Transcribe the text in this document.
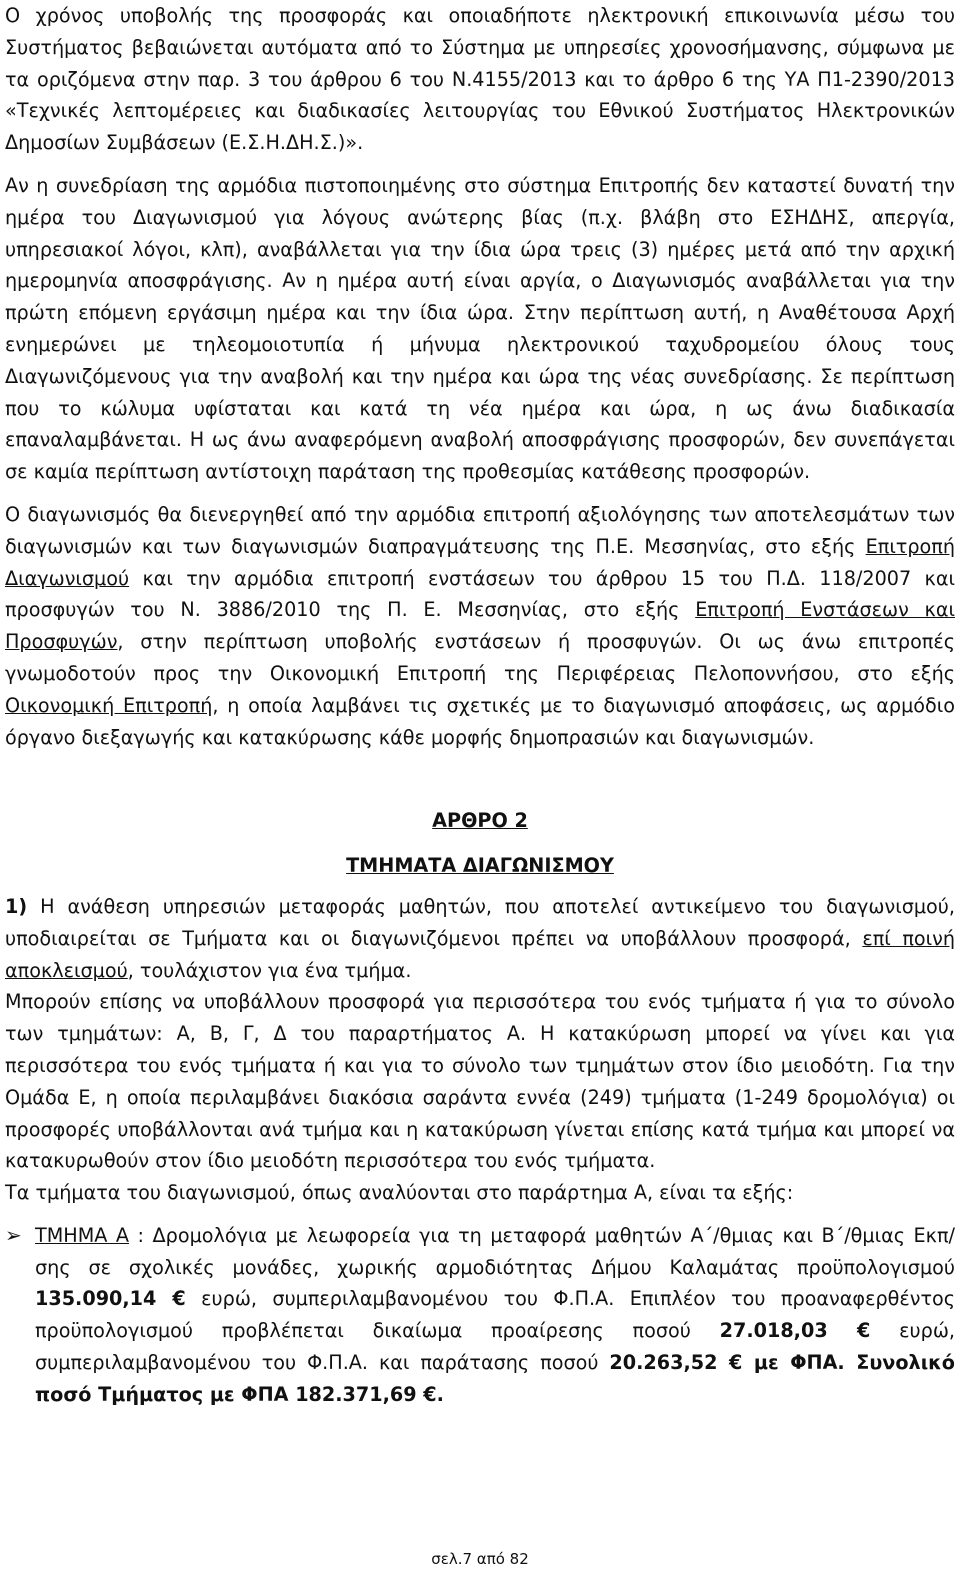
Ο χρόνος υποβολής της προσφοράς και οποιαδήποτε ηλεκτρονική επικοινωνία μέσω του Συστήματος βεβαιώνεται αυτόματα από το Σύστημα με υπηρεσίες χρονοσήμανσης, σύμφωνα με τα οριζόμενα στην παρ. 3 του άρθρου 6 του Ν.4155/2013 και το άρθρο 6 της ΥΑ Π1-2390/2013 «Τεχνικές λεπτομέρειες και διαδικασίες λειτουργίας του Εθνικού Συστήματος Ηλεκτρονικών Δημοσίων Συμβάσεων (Ε.Σ.Η.ΔΗ.Σ.)».

Αν η συνεδρίαση της αρμόδια πιστοποιημένης στο σύστημα Επιτροπής δεν καταστεί δυνατή την ημέρα του Διαγωνισμού για λόγους ανώτερης βίας (π.χ. βλάβη στο ΕΣΗΔΗΣ, απεργία, υπηρεσιακοί λόγοι, κλπ), αναβάλλεται για την ίδια ώρα τρεις (3) ημέρες μετά από την αρχική ημερομηνία αποσφράγισης. Αν η ημέρα αυτή είναι αργία, ο Διαγωνισμός αναβάλλεται για την πρώτη επόμενη εργάσιμη ημέρα και την ίδια ώρα. Στην περίπτωση αυτή, η Αναθέτουσα Αρχή ενημερώνει με τηλεομοιοτυπία ή μήνυμα ηλεκτρονικού ταχυδρομείου όλους τους Διαγωνιζόμενους για την αναβολή και την ημέρα και ώρα της νέας συνεδρίασης. Σε περίπτωση που το κώλυμα υφίσταται και κατά τη νέα ημέρα και ώρα, η ως άνω διαδικασία επαναλαμβάνεται. Η ως άνω αναφερόμενη αναβολή αποσφράγισης προσφορών, δεν συνεπάγεται σε καμία περίπτωση αντίστοιχη παράταση της προθεσμίας κατάθεσης προσφορών.

Ο διαγωνισμός θα διενεργηθεί από την αρμόδια επιτροπή αξιολόγησης των αποτελεσμάτων των διαγωνισμών και των διαγωνισμών διαπραγμάτευσης της Π.Ε. Μεσσηνίας, στο εξής Επιτροπή Διαγωνισμού και την αρμόδια επιτροπή ενστάσεων του άρθρου 15 του Π.Δ. 118/2007 και προσφυγών του Ν. 3886/2010 της Π. Ε. Μεσσηνίας, στο εξής Επιτροπή Ενστάσεων και Προσφυγών, στην περίπτωση υποβολής ενστάσεων ή προσφυγών. Οι ως άνω επιτροπές γνωμοδοτούν προς την Οικονομική Επιτροπή της Περιφέρειας Πελοποννήσου, στο εξής Οικονομική Επιτροπή, η οποία λαμβάνει τις σχετικές με το διαγωνισμό αποφάσεις, ως αρμόδιο όργανο διεξαγωγής και κατακύρωσης κάθε μορφής δημοπρασιών και διαγωνισμών.

ΑΡΘΡΟ 2

ΤΜΗΜΑΤΑ ΔΙΑΓΩΝΙΣΜΟΥ

1) Η ανάθεση υπηρεσιών μεταφοράς μαθητών, που αποτελεί αντικείμενο του διαγωνισμού, υποδιαιρείται σε Τμήματα και οι διαγωνιζόμενοι πρέπει να υποβάλλουν προσφορά, επί ποινή αποκλεισμού, τουλάχιστον για ένα τμήμα.

Μπορούν επίσης να υποβάλλουν προσφορά για περισσότερα του ενός τμήματα ή για το σύνολο των τμημάτων: Α, Β, Γ, Δ του παραρτήματος Α. Η κατακύρωση μπορεί να γίνει και για περισσότερα του ενός τμήματα ή και για το σύνολο των τμημάτων στον ίδιο μειοδότη. Για την Ομάδα Ε, η οποία περιλαμβάνει διακόσια σαράντα εννέα (249) τμήματα (1-249 δρομολόγια) οι προσφορές υποβάλλονται ανά τμήμα και η κατακύρωση γίνεται επίσης κατά τμήμα και μπορεί να κατακυρωθούν στον ίδιο μειοδότη περισσότερα του ενός τμήματα.

Τα τμήματα του διαγωνισμού, όπως αναλύονται στο παράρτημα Α, είναι τα εξής:

➢ ΤΜΗΜΑ Α : Δρομολόγια με λεωφορεία για τη μεταφορά μαθητών Α΄/θμιας και Β΄/θμιας Εκπ/σης σε σχολικές μονάδες, χωρικής αρμοδιότητας Δήμου Καλαμάτας προϋπολογισμού 135.090,14 € ευρώ, συμπεριλαμβανομένου του Φ.Π.Α. Επιπλέον του προαναφερθέντος προϋπολογισμού προβλέπεται δικαίωμα προαίρεσης ποσού 27.018,03 € ευρώ, συμπεριλαμβανομένου του Φ.Π.Α. και παράτασης ποσού 20.263,52 € με ΦΠΑ. Συνολικό ποσό Τμήματος με ΦΠΑ 182.371,69 €.

σελ.7 από 82
